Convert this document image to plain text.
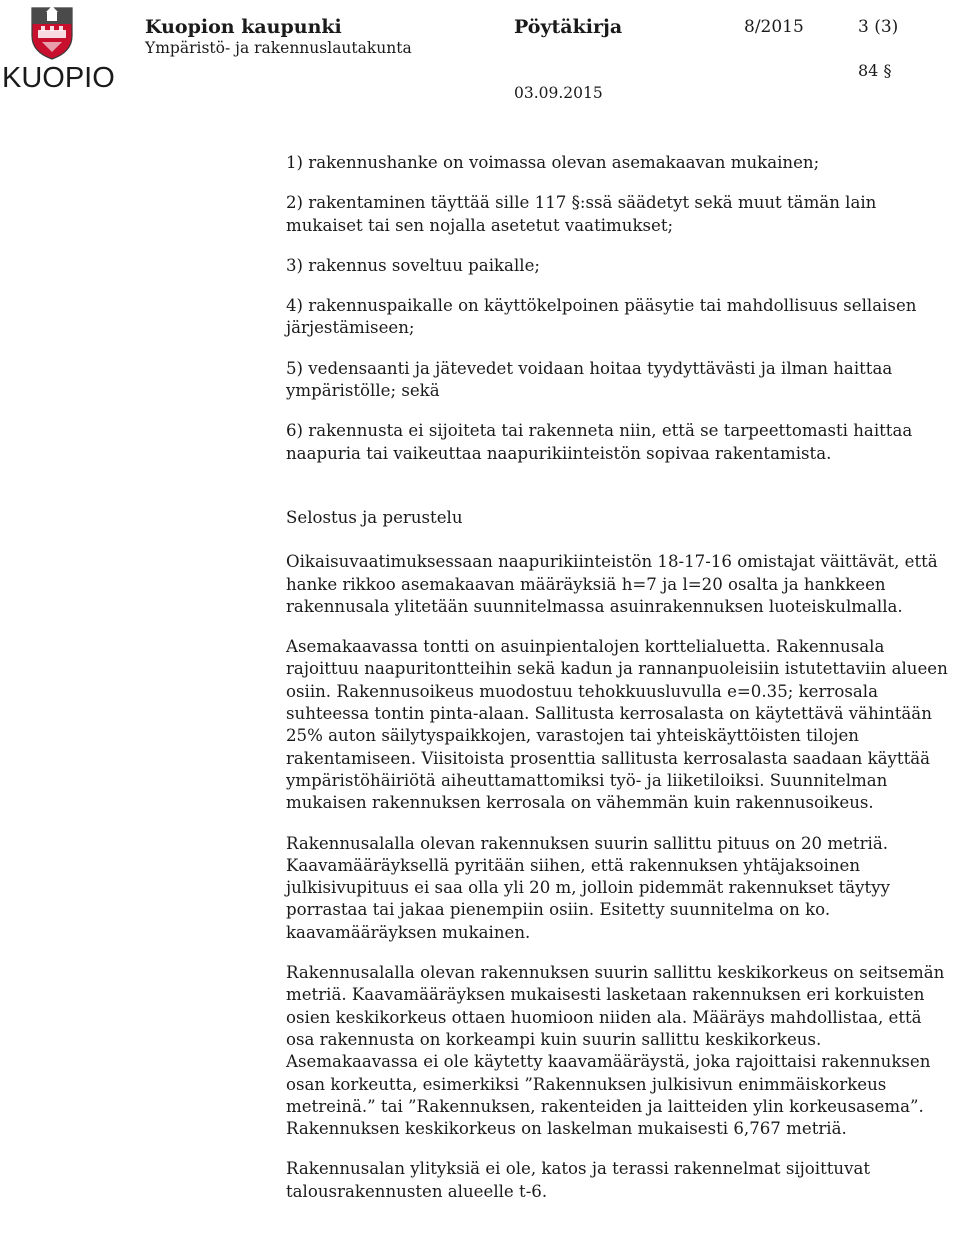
KUOPIO
Kuopion kaupunki
Ympäristö- ja rakennuslautakunta
Pöytäkirja	8/2015	3 (3)
84 §
03.09.2015

1) rakennushanke on voimassa olevan asemakaavan mukainen;

2) rakentaminen täyttää sille 117 §:ssä säädetyt sekä muut tämän lain mukaiset tai sen nojalla asetetut vaatimukset;

3) rakennus soveltuu paikalle;

4) rakennuspaikalle on käyttökelpoinen pääsytie tai mahdollisuus sellaisen järjestämiseen;

5) vedensaanti ja jätevedet voidaan hoitaa tyydyttävästi ja ilman haittaa ympäristölle; sekä

6) rakennusta ei sijoiteta tai rakenneta niin, että se tarpeettomasti haittaa naapuria tai vaikeuttaa naapurikiinteistön sopivaa rakentamista.

Selostus ja perustelu

Oikaisuvaatimuksessaan naapurikiinteistön 18-17-16 omistajat väittävät, että hanke rikkoo asemakaavan määräyksiä h=7 ja l=20 osalta ja hankkeen rakennusala ylitetään suunnitelmassa asuinrakennuksen luoteiskulmalla.

Asemakaavassa tontti on asuinpientalojen korttelialuetta. Rakennusala rajoittuu naapuritontteihin sekä kadun ja rannanpuoleisiin istutettaviin alueen osiin. Rakennusoikeus muodostuu tehokkuusluvulla e=0.35; kerrosala suhteessa tontin pinta-alaan. Sallitusta kerrosalasta on käytettävä vähintään 25% auton säilytyspaikkojen, varastojen tai yhteiskäyttöisten tilojen rakentamiseen. Viisitoista prosenttia sallitusta kerrosalasta saadaan käyttää ympäristöhäiriötä aiheuttamattomiksi työ- ja liiketiloiksi. Suunnitelman mukaisen rakennuksen kerrosala on vähemmän kuin rakennusoikeus.

Rakennusalalla olevan rakennuksen suurin sallittu pituus on 20 metriä. Kaavamääräyksellä pyritään siihen, että rakennuksen yhtäjaksoinen julkisivupituus ei saa olla yli 20 m, jolloin pidemmät rakennukset täytyy porrastaa tai jakaa pienempiin osiin. Esitetty suunnitelma on ko. kaavamääräyksen mukainen.

Rakennusalalla olevan rakennuksen suurin sallittu keskikorkeus on seitsemän metriä. Kaavamääräyksen mukaisesti lasketaan rakennuksen eri korkuisten osien keskikorkeus ottaen huomioon niiden ala. Määräys mahdollistaa, että osa rakennusta on korkeampi kuin suurin sallittu keskikorkeus. Asemakaavassa ei ole käytetty kaavamääräystä, joka rajoittaisi rakennuksen osan korkeutta, esimerkiksi ”Rakennuksen julkisivun enimmäiskorkeus metreinä.” tai ”Rakennuksen, rakenteiden ja laitteiden ylin korkeusasema”. Rakennuksen keskikorkeus on laskelman mukaisesti 6,767 metriä.

Rakennusalan ylityksiä ei ole, katos ja terassi rakennelmat sijoittuvat talousrakennusten alueelle t-6.
